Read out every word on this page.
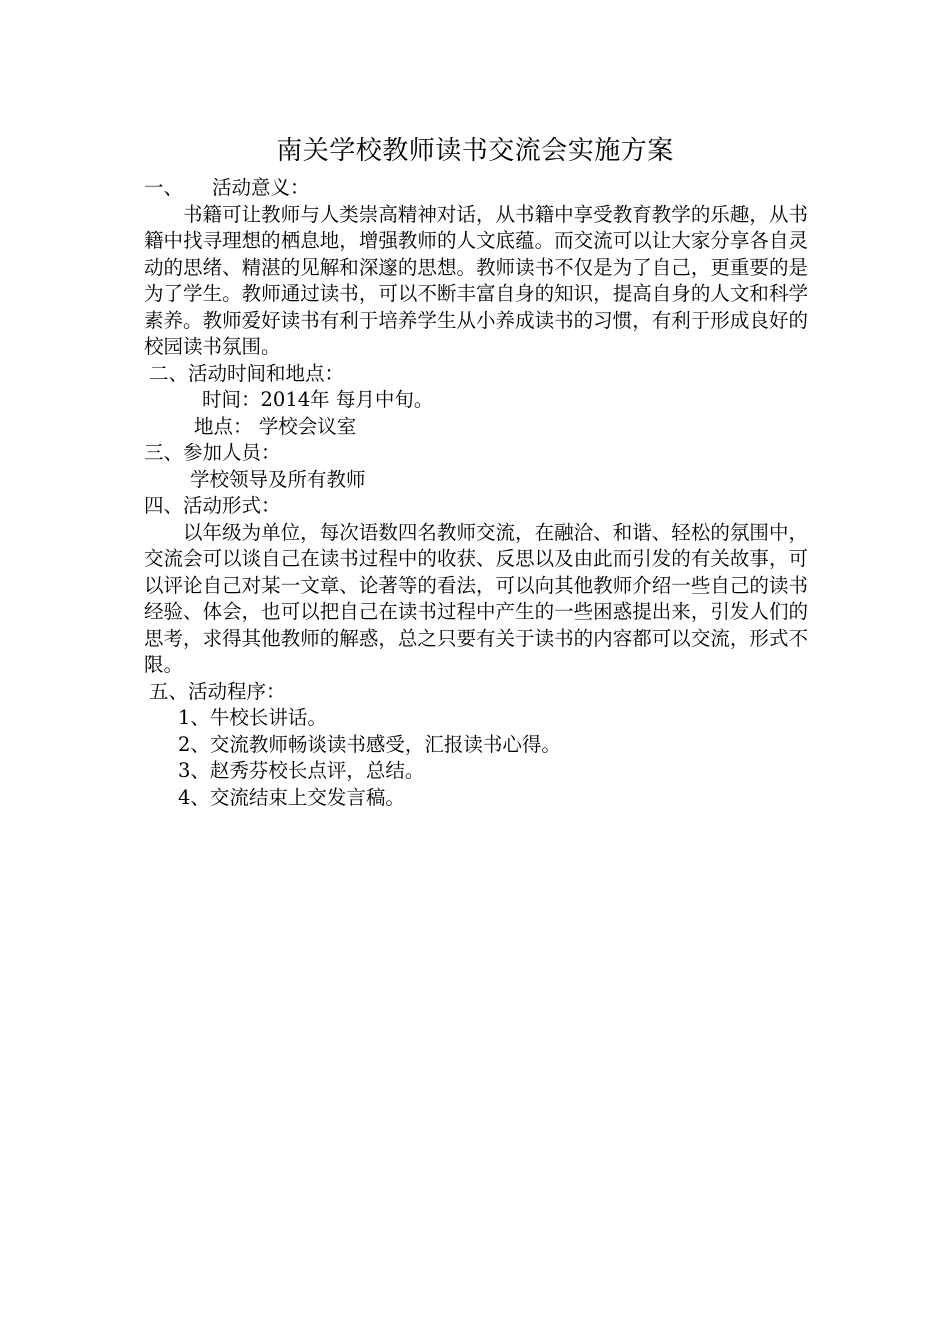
南关学校教师读书交流会实施方案
一、 活动意义：
书籍可让教师与人类崇高精神对话，从书籍中享受教育教学的乐趣，从书籍中找寻理想的栖息地，增强教师的人文底蕴。而交流可以让大家分享各自灵动的思绪、精湛的见解和深邃的思想。教师读书不仅是为了自己，更重要的是为了学生。教师通过读书，可以不断丰富自身的知识，提高自身的人文和科学素养。教师爱好读书有利于培养学生从小养成读书的习惯，有利于形成良好的校园读书氛围。
二、活动时间和地点：
时间：2014年 每月中旬。
地点： 学校会议室
三、参加人员：
学校领导及所有教师
四、活动形式：
以年级为单位，每次语数四名教师交流，在融洽、和谐、轻松的氛围中，交流会可以谈自己在读书过程中的收获、反思以及由此而引发的有关故事，可以评论自己对某一文章、论著等的看法，可以向其他教师介绍一些自己的读书经验、体会，也可以把自己在读书过程中产生的一些困惑提出来，引发人们的思考，求得其他教师的解惑，总之只要有关于读书的内容都可以交流，形式不限。
五、活动程序：
1、牛校长讲话。
2、交流教师畅谈读书感受，汇报读书心得。
3、赵秀芬校长点评，总结。
4、交流结束上交发言稿。
